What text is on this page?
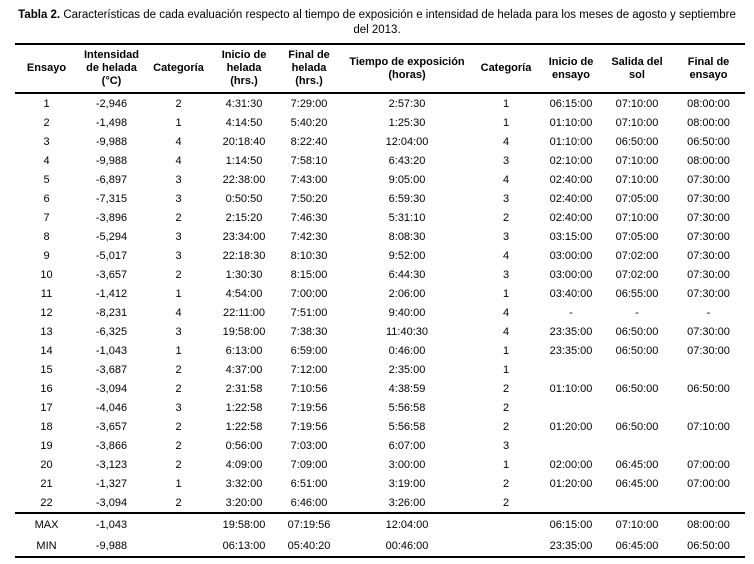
Tabla 2. Características de cada evaluación respecto al tiempo de exposición e intensidad de helada para los meses de agosto y septiembre del 2013.
Ensayo	Intensidad de helada (°C)	Categoría	Inicio de helada (hrs.)	Final de helada (hrs.)	Tiempo de exposición (horas)	Categoría	Inicio de ensayo	Salida del sol	Final de ensayo
1	-2,946	2	4:31:30	7:29:00	2:57:30	1	06:15:00	07:10:00	08:00:00
2	-1,498	1	4:14:50	5:40:20	1:25:30	1	01:10:00	07:10:00	08:00:00
3	-9,988	4	20:18:40	8:22:40	12:04:00	4	01:10:00	06:50:00	06:50:00
4	-9,988	4	1:14:50	7:58:10	6:43:20	3	02:10:00	07:10:00	08:00:00
5	-6,897	3	22:38:00	7:43:00	9:05:00	4	02:40:00	07:10:00	07:30:00
6	-7,315	3	0:50:50	7:50:20	6:59:30	3	02:40:00	07:05:00	07:30:00
7	-3,896	2	2:15:20	7:46:30	5:31:10	2	02:40:00	07:10:00	07:30:00
8	-5,294	3	23:34:00	7:42:30	8:08:30	3	03:15:00	07:05:00	07:30:00
9	-5,017	3	22:18:30	8:10:30	9:52:00	4	03:00:00	07:02:00	07:30:00
10	-3,657	2	1:30:30	8:15:00	6:44:30	3	03:00:00	07:02:00	07:30:00
11	-1,412	1	4:54:00	7:00:00	2:06:00	1	03:40:00	06:55:00	07:30:00
12	-8,231	4	22:11:00	7:51:00	9:40:00	4	-	-	-
13	-6,325	3	19:58:00	7:38:30	11:40:30	4	23:35:00	06:50:00	07:30:00
14	-1,043	1	6:13:00	6:59:00	0:46:00	1	23:35:00	06:50:00	07:30:00
15	-3,687	2	4:37:00	7:12:00	2:35:00	1			
16	-3,094	2	2:31:58	7:10:56	4:38:59	2	01:10:00	06:50:00	06:50:00
17	-4,046	3	1:22:58	7:19:56	5:56:58	2			
18	-3,657	2	1:22:58	7:19:56	5:56:58	2	01:20:00	06:50:00	07:10:00
19	-3,866	2	0:56:00	7:03:00	6:07:00	3			
20	-3,123	2	4:09:00	7:09:00	3:00:00	1	02:00:00	06:45:00	07:00:00
21	-1,327	1	3:32:00	6:51:00	3:19:00	2	01:20:00	06:45:00	07:00:00
22	-3,094	2	3:20:00	6:46:00	3:26:00	2			
MAX	-1,043		19:58:00	07:19:56	12:04:00		06:15:00	07:10:00	08:00:00
MIN	-9,988		06:13:00	05:40:20	00:46:00		23:35:00	06:45:00	06:50:00
